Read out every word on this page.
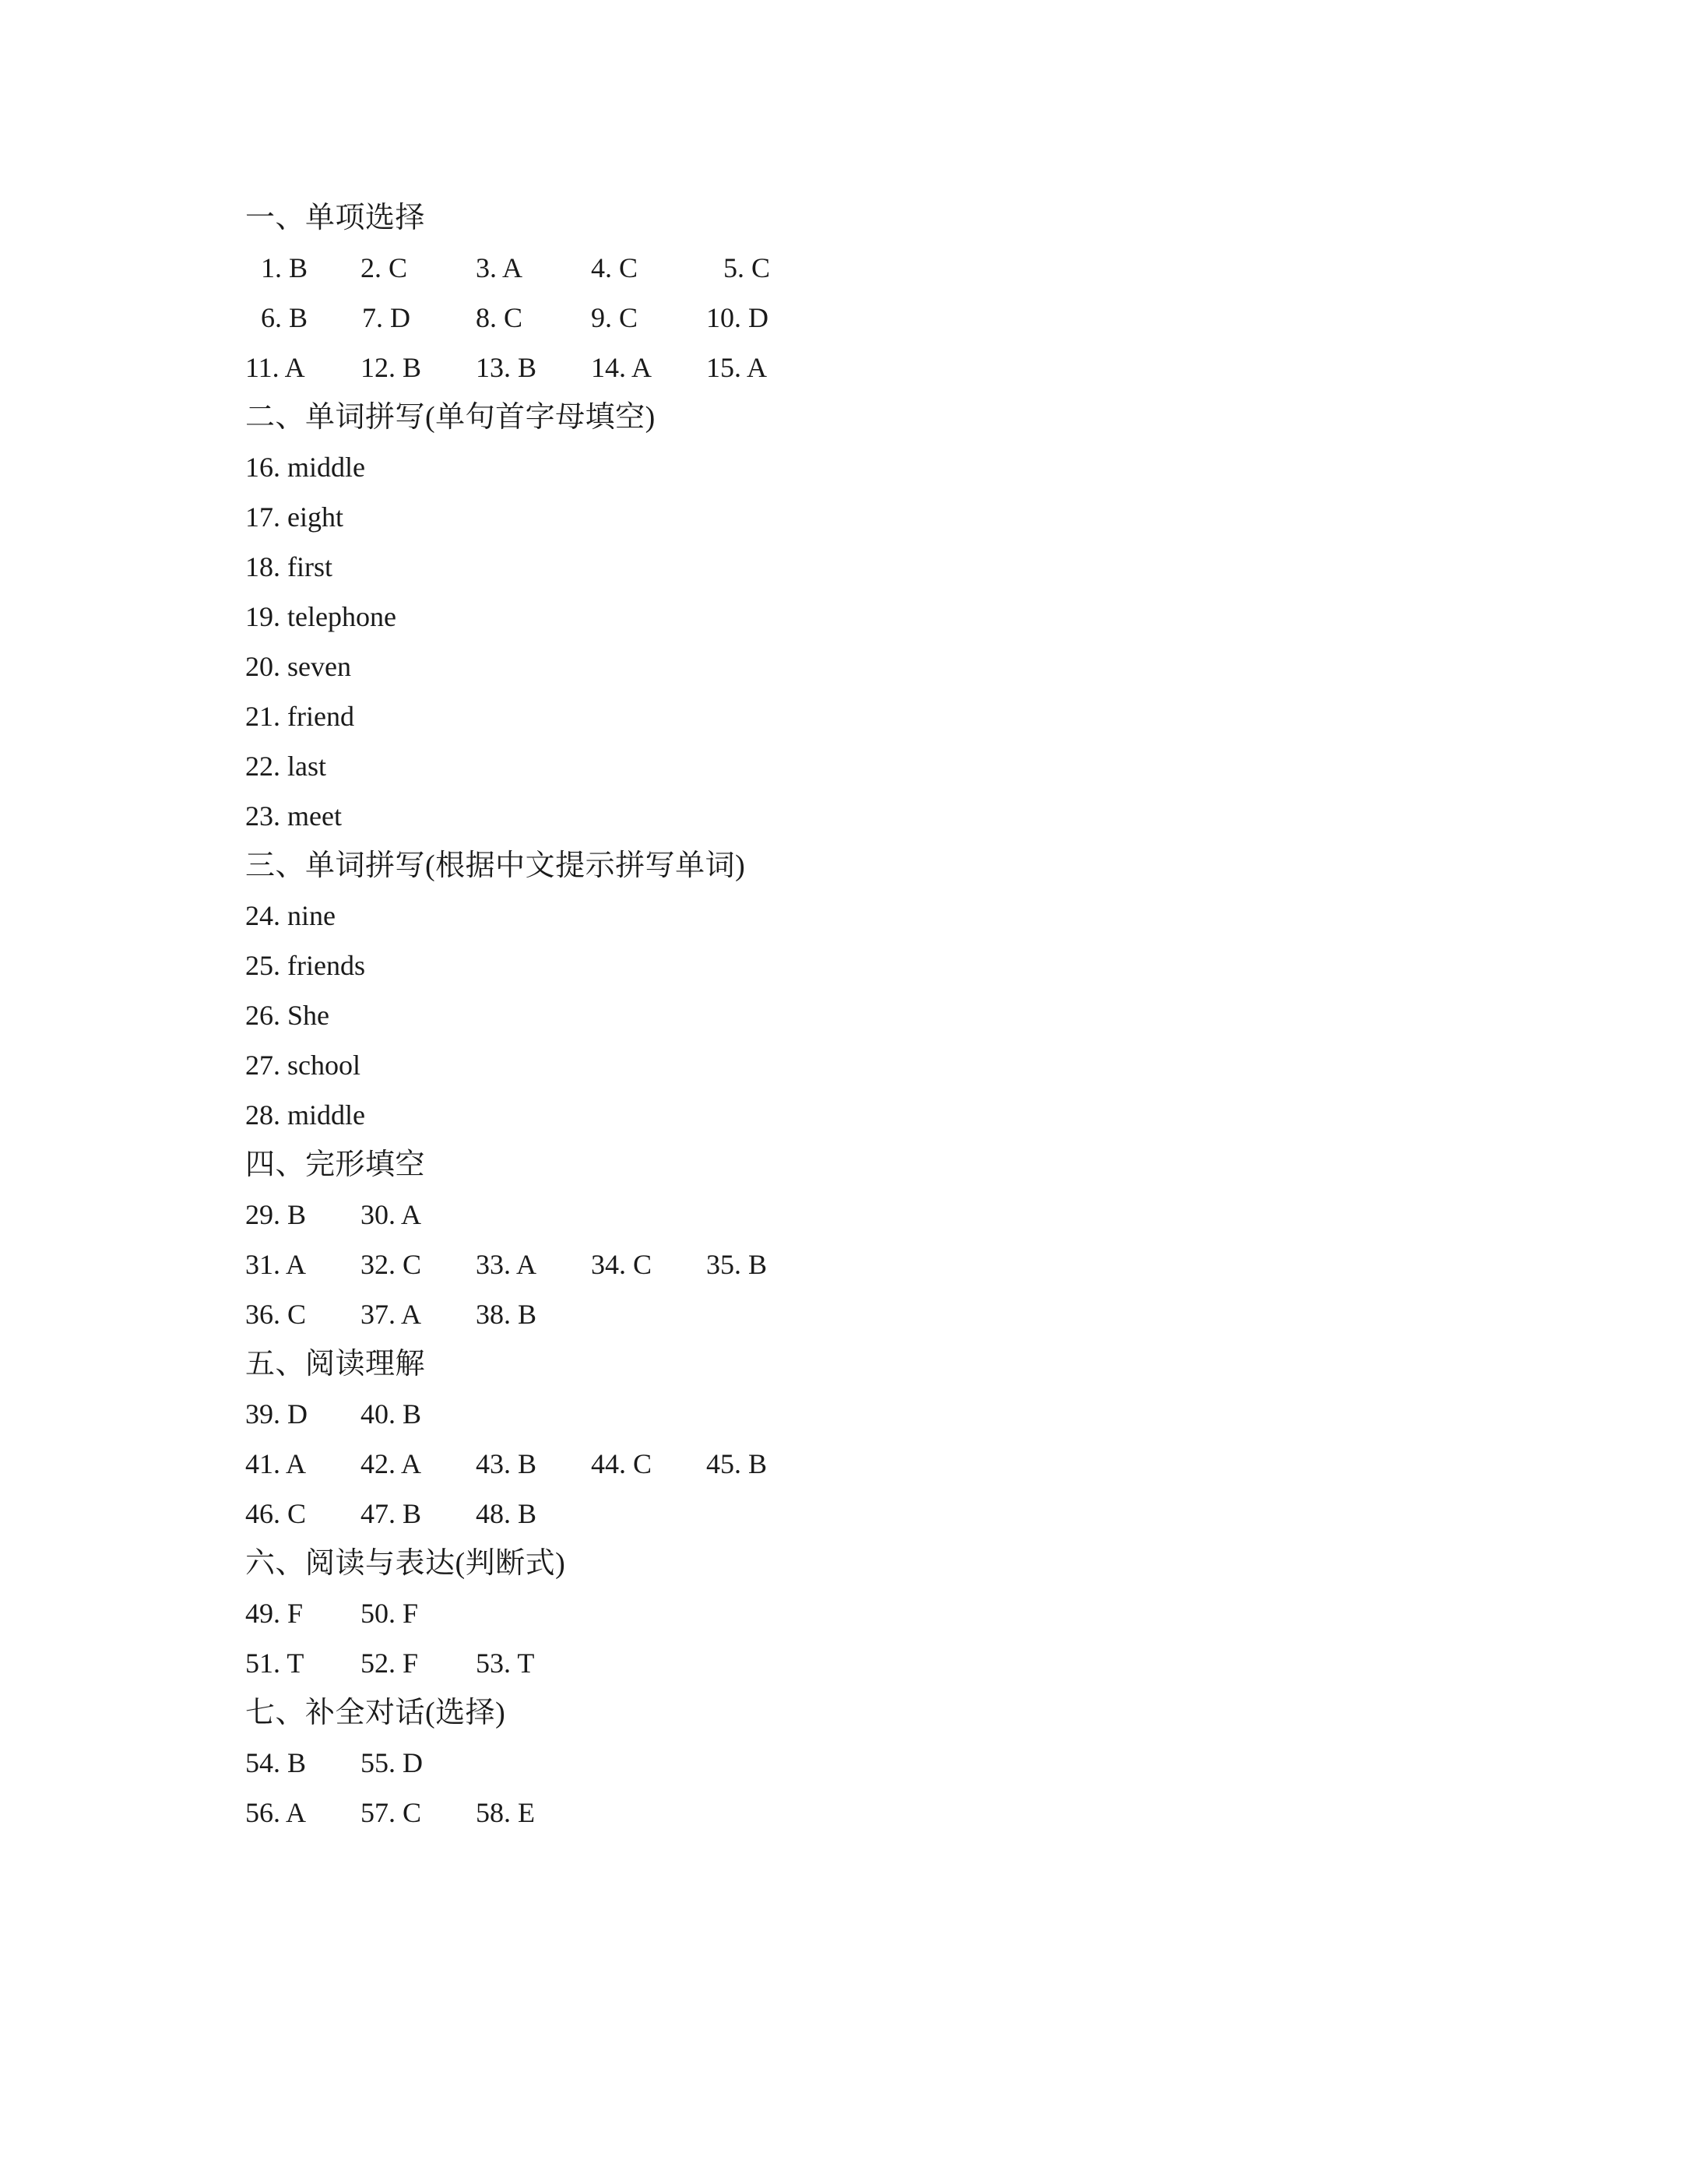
一、单项选择
1. B 2. C 3. A 4. C	5. C
6. B 7. D 8. C 9. C 10. D
11. A 12. B 13. B 14. A 15. A
二、单词拼写(单句首字母填空)
16. middle
17. eight
18. first
19. telephone
20. seven
21. friend
22. last
23. meet
三、单词拼写(根据中文提示拼写单词)
24. nine
25. friends
26. She
27. school
28. middle
四、完形填空
29. B 30. A
31. A 32. C 33. A 34. C 35. B
36. C 37. A 38. B
五、阅读理解
39. D 40. B
41. A 42. A 43. B 44. C 45. B
46. C 47. B 48. B
六、阅读与表达(判断式)
49. F 50. F
51. T 52. F 53. T
七、补全对话(选择)
54. B 55. D
56. A 57. C 58. E
